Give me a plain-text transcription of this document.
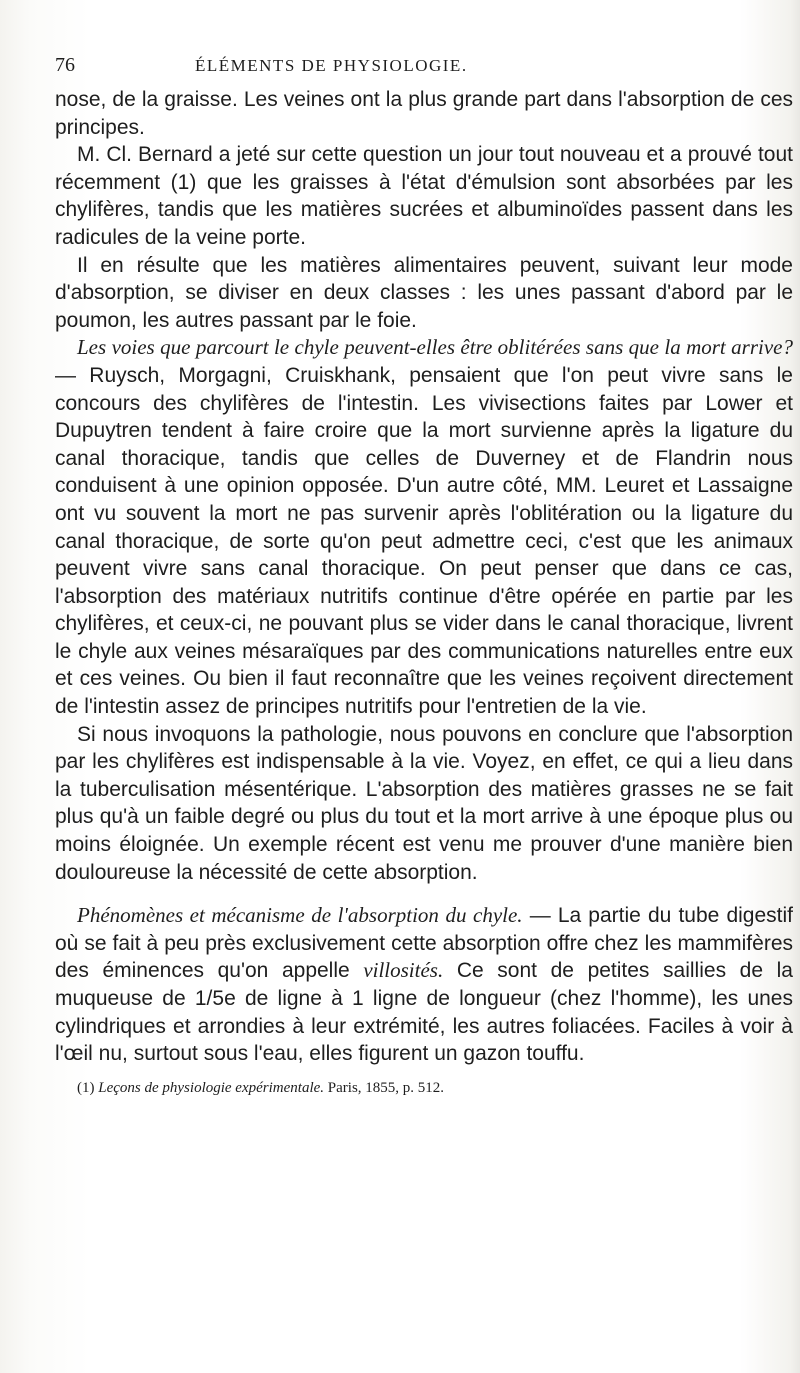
76	ÉLÉMENTS DE PHYSIOLOGIE.

nose, de la graisse. Les veines ont la plus grande part dans l'absorption de ces principes.

M. Cl. Bernard a jeté sur cette question un jour tout nouveau et a prouvé tout récemment (1) que les graisses à l'état d'émulsion sont absorbées par les chylifères, tandis que les matières sucrées et albuminoïdes passent dans les radicules de la veine porte.

Il en résulte que les matières alimentaires peuvent, suivant leur mode d'absorption, se diviser en deux classes : les unes passant d'abord par le poumon, les autres passant par le foie.

Les voies que parcourt le chyle peuvent-elles être oblitérées sans que la mort arrive? — Ruysch, Morgagni, Cruiskhank, pensaient que l'on peut vivre sans le concours des chylifères de l'intestin. Les vivisections faites par Lower et Dupuytren tendent à faire croire que la mort survienne après la ligature du canal thoracique, tandis que celles de Duverney et de Flandrin nous conduisent à une opinion opposée. D'un autre côté, MM. Leuret et Lassaigne ont vu souvent la mort ne pas survenir après l'oblitération ou la ligature du canal thoracique, de sorte qu'on peut admettre ceci, c'est que les animaux peuvent vivre sans canal thoracique. On peut penser que dans ce cas, l'absorption des matériaux nutritifs continue d'être opérée en partie par les chylifères, et ceux-ci, ne pouvant plus se vider dans le canal thoracique, livrent le chyle aux veines mésaraïques par des communications naturelles entre eux et ces veines. Ou bien il faut reconnaître que les veines reçoivent directement de l'intestin assez de principes nutritifs pour l'entretien de la vie.

Si nous invoquons la pathologie, nous pouvons en conclure que l'absorption par les chylifères est indispensable à la vie. Voyez, en effet, ce qui a lieu dans la tuberculisation mésentérique. L'absorption des matières grasses ne se fait plus qu'à un faible degré ou plus du tout et la mort arrive à une époque plus ou moins éloignée. Un exemple récent est venu me prouver d'une manière bien douloureuse la nécessité de cette absorption.

Phénomènes et mécanisme de l'absorption du chyle. — La partie du tube digestif où se fait à peu près exclusivement cette absorption offre chez les mammifères des éminences qu'on appelle villosités. Ce sont de petites saillies de la muqueuse de 1/5e de ligne à 1 ligne de longueur (chez l'homme), les unes cylindriques et arrondies à leur extrémité, les autres foliacées. Faciles à voir à l'œil nu, surtout sous l'eau, elles figurent un gazon touffu.

(1) Leçons de physiologie expérimentale. Paris, 1855, p. 512.
